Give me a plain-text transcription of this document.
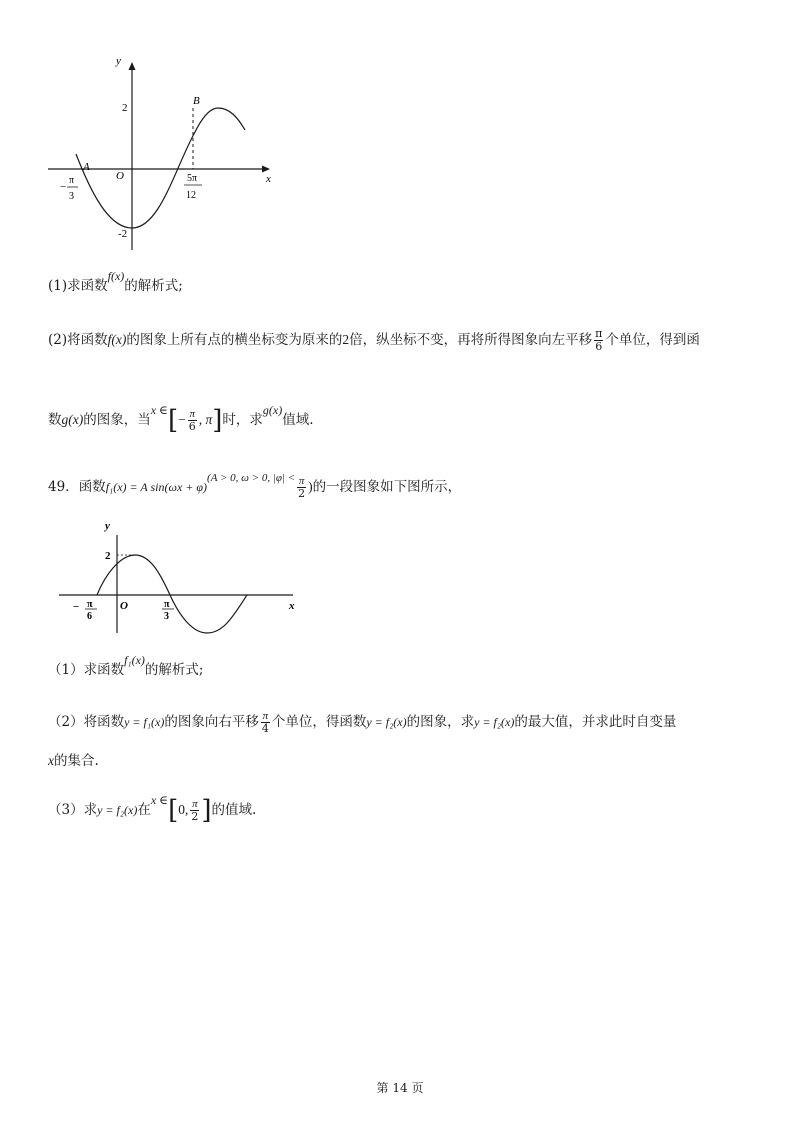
y
x
O
A
B
2
-2
−
π
3
5π
12
(1)求函数f(x)的解析式;
(2)将函数f(x)的图象上所有点的横坐标变为原来的2倍，纵坐标不变，再将所得图象向左平移 $\frac{\pi}{6}$ 个单位，得到函
数g(x)的图象，当x ∈[− $\frac{\pi}{6}$ , π]时，求g(x)值域.
49．函数f₁(x) = A $\sin(\omega x + \varphi)^{(A > 0, \omega > 0, |\varphi| <} \frac{\pi}{2}$ )的一段图象如下图所示，
y
x
O
2
− π
6
π
3
（1）求函数f₁(x)的解析式;
（2）将函数y = f₁(x)的图象向右平移 $\frac{\pi}{4}$ 个单位，得函数y = f₂(x)的图象，求y = f₂(x)的最大值，并求此时自变量
x的集合.
（3）求y = f₂(x)在x ∈[0, $\frac{\pi}{2}$ ]的值域.
第 14 页
